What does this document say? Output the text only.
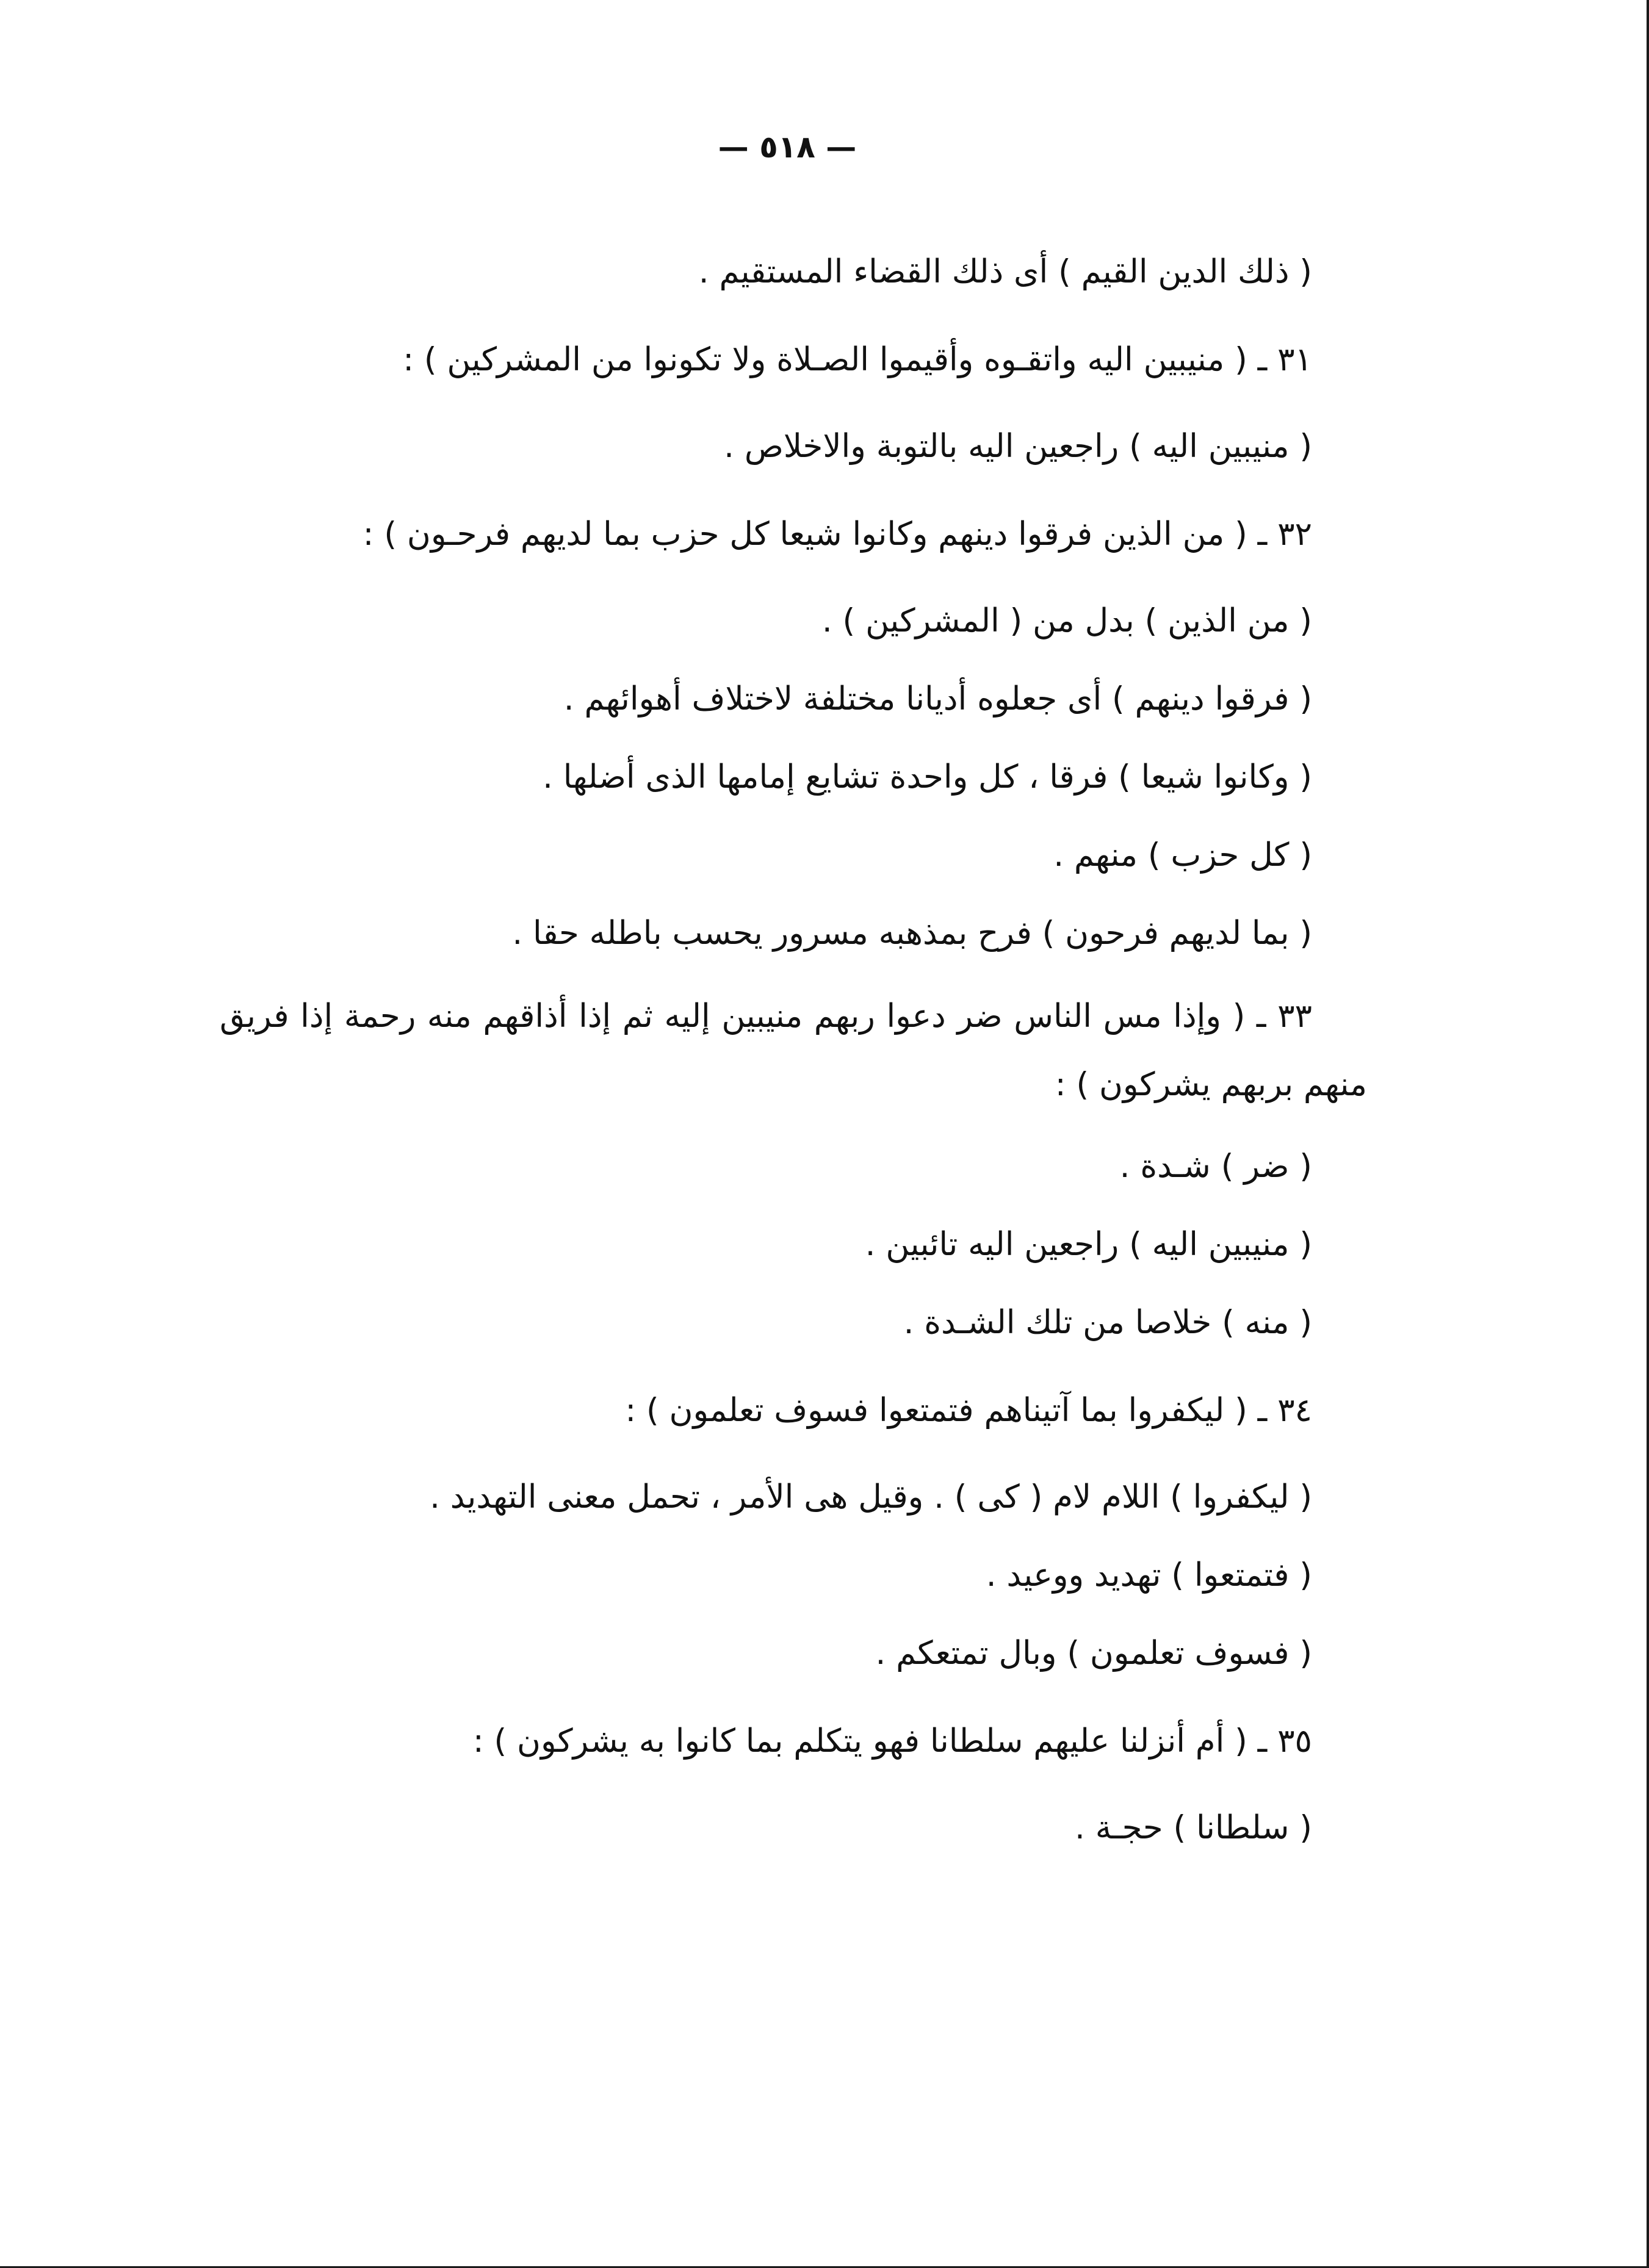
— ٥١٨ —

( ذلك الدين القيم ) أى ذلك القضاء المستقيم .

٣١ ـ ( منيبين اليه واتقـوه وأقيموا الصـلاة ولا تكونوا من المشركين ) :

( منيبين اليه ) راجعين اليه بالتوبة والاخلاص .

٣٢ ـ ( من الذين فرقوا دينهم وكانوا شيعا كل حزب بما لديهم فرحـون ) :

( من الذين ) بدل من ( المشركين ) .

( فرقوا دينهم ) أى جعلوه أديانا مختلفة لاختلاف أهوائهم .

( وكانوا شيعا ) فرقا ، كل واحدة تشايع إمامها الذى أضلها .

( كل حزب ) منهم .

( بما لديهم فرحون ) فرح بمذهبه مسرور يحسب باطله حقا .

٣٣ ـ ( وإذا مس الناس ضر دعوا ربهم منيبين إليه ثم إذا أذاقهم منه رحمة إذا فريق منهم بربهم يشركون ) :

( ضر ) شـدة .

( منيبين اليه ) راجعين اليه تائبين .

( منه ) خلاصا من تلك الشـدة .

٣٤ ـ ( ليكفروا بما آتيناهم فتمتعوا فسوف تعلمون ) :

( ليكفروا ) اللام لام ( كى ) . وقيل هى الأمر ، تحمل معنى التهديد .

( فتمتعوا ) تهديد ووعيد .

( فسوف تعلمون ) وبال تمتعكم .

٣٥ ـ ( أم أنزلنا عليهم سلطانا فهو يتكلم بما كانوا به يشركون ) :

( سلطانا ) حجـة .
